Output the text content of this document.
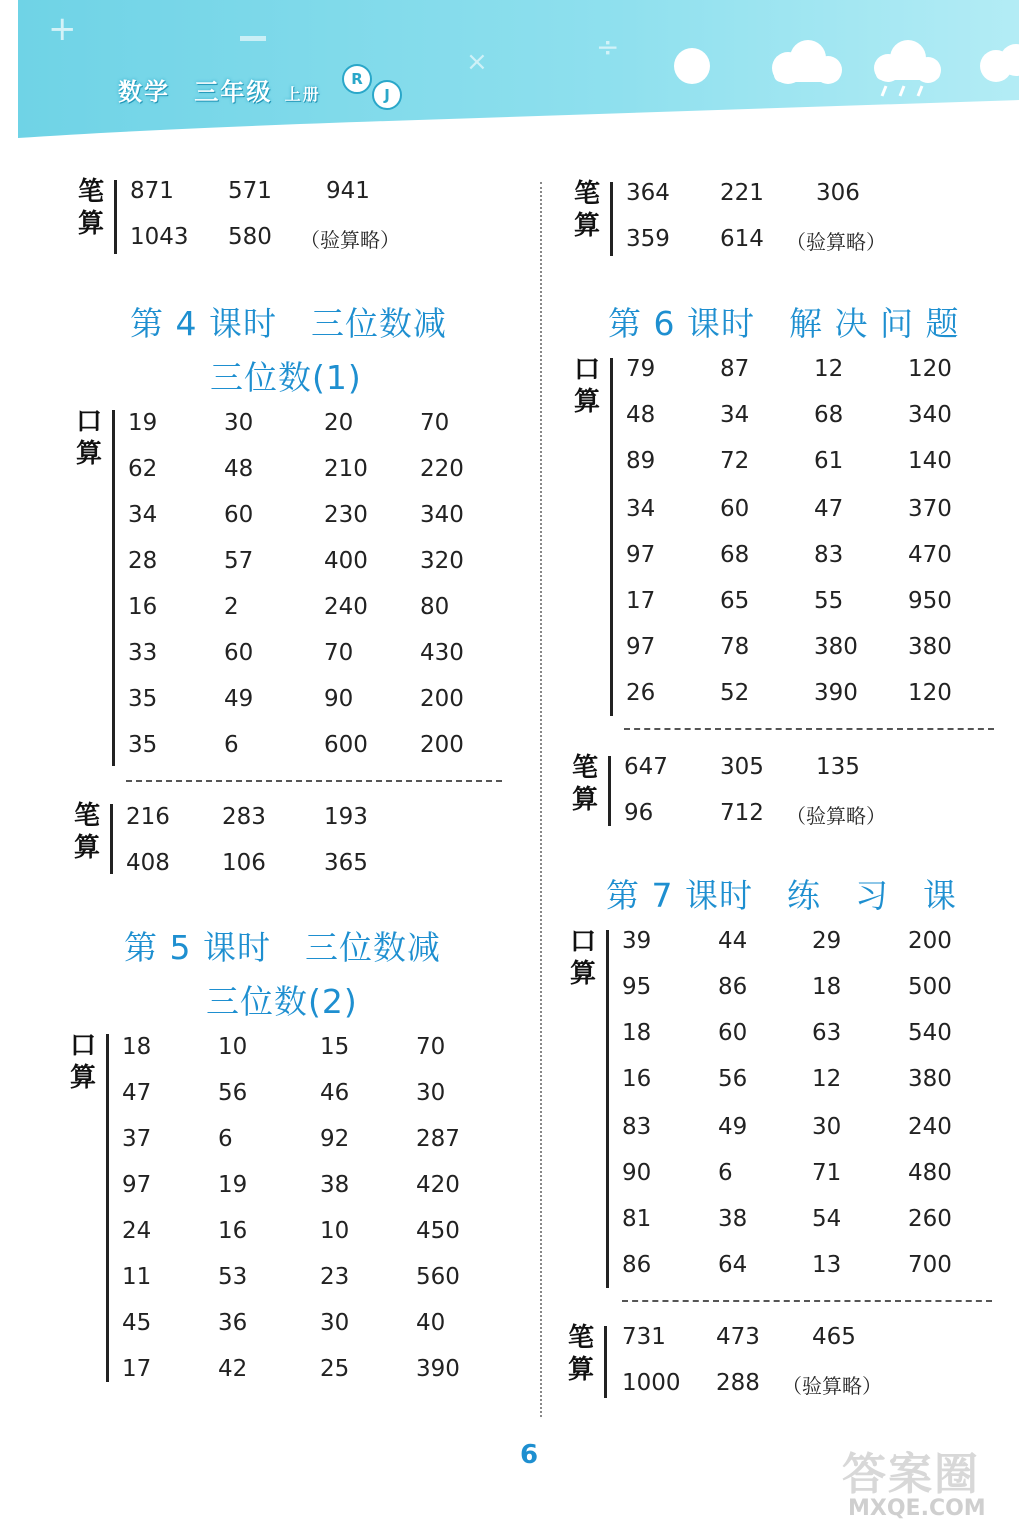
+
×	÷
数学 三年级 上册
R
J
第 4 课时　三位数减
三位数(1)
第 5 课时　三位数减
三位数(2)
第 6 课时　解 决 问 题
第 7 课时　练　习　课
笔算
871 571 941
1043 580 （验算略）
口算
19	30	20	70
62	48	210 220
34	60	230 340
28	57	400 320
16	2	240 80
33	60	70	430
35	49	90	200
35	6	600 200
笔算
216 283	193
408 106	365
口算
18	10	15	70
47	56	46	30
37	6	92	287
97	19	38	420
24	16	10	450
11	53	23	560
45	36	30	40
17	42	25	390
笔算
364 221 306
359 614 （验算略）
口算
79	87	12	120
48	34	68	340
89	72	61	140
34	60	47	370
97	68	83	470
17	65	55	950
97	78	380 380
26	52	390 120
笔算
647 305 135
96	712 （验算略）
口算
39	44	29	200
95	86	18	500
18	60	63	540
16	56	12	380
83	49	30	240
90	6	71	480
81	38	54	260
86	64	13	700
笔算
731 473 465
1000 288 （验算略）
6	答案圈
MXQE.COM
